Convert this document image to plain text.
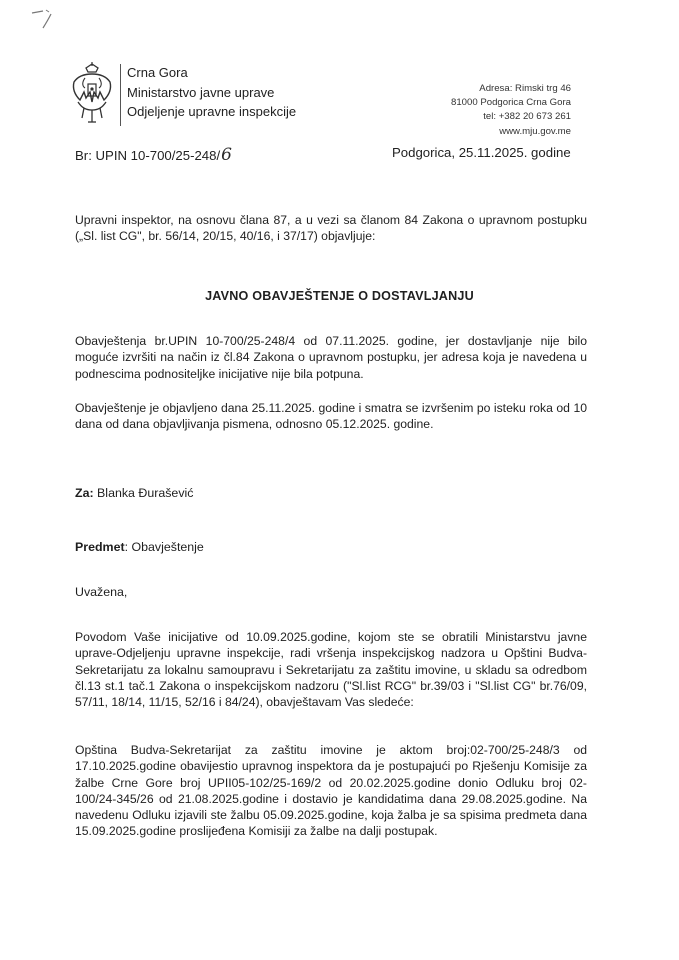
Crna Gora
Ministarstvo javne uprave
Odjeljenje upravne inspekcije
Adresa: Rimski trg 46
81000 Podgorica Crna Gora
tel: +382 20 673 261
www.mju.gov.me
Br: UPIN 10-700/25-248/6	Podgorica, 25.11.2025. godine
Upravni inspektor, na osnovu člana 87, a u vezi sa članom 84 Zakona o upravnom postupku („Sl. list CG", br. 56/14, 20/15, 40/16, i 37/17) objavljuje:
JAVNO OBAVJEŠTENJE O DOSTAVLJANJU
Obavještenja br.UPIN 10-700/25-248/4 od 07.11.2025. godine, jer dostavljanje nije bilo moguće izvršiti na način iz čl.84 Zakona o upravnom postupku, jer adresa koja je navedena u podnescima podnositeljke inicijative nije bila potpuna.
Obavještenje je objavljeno dana 25.11.2025. godine i smatra se izvršenim po isteku roka od 10 dana od dana objavljivanja pismena, odnosno 05.12.2025. godine.
Za: Blanka Đurašević
Predmet: Obavještenje
Uvažena,
Povodom Vaše inicijative od 10.09.2025.godine, kojom ste se obratili Ministarstvu javne uprave-Odjeljenju upravne inspekcije, radi vršenja inspekcijskog nadzora u Opštini Budva-Sekretarijatu za lokalnu samoupravu i Sekretarijatu za zaštitu imovine, u skladu sa odredbom čl.13 st.1 tač.1 Zakona o inspekcijskom nadzoru ("Sl.list RCG" br.39/03 i "Sl.list CG" br.76/09, 57/11, 18/14, 11/15, 52/16 i 84/24), obavještavam Vas sledeće:
Opština Budva-Sekretarijat za zaštitu imovine je aktom broj:02-700/25-248/3 od 17.10.2025.godine obavijestio upravnog inspektora da je postupajući po Rješenju Komisije za žalbe Crne Gore broj UPII05-102/25-169/2 od 20.02.2025.godine donio Odluku broj 02-100/24-345/26 od 21.08.2025.godine i dostavio je kandidatima dana 29.08.2025.godine. Na navedenu Odluku izjavili ste žalbu 05.09.2025.godine, koja žalba je sa spisima predmeta dana 15.09.2025.godine proslijeđena Komisiji za žalbe na dalji postupak.
